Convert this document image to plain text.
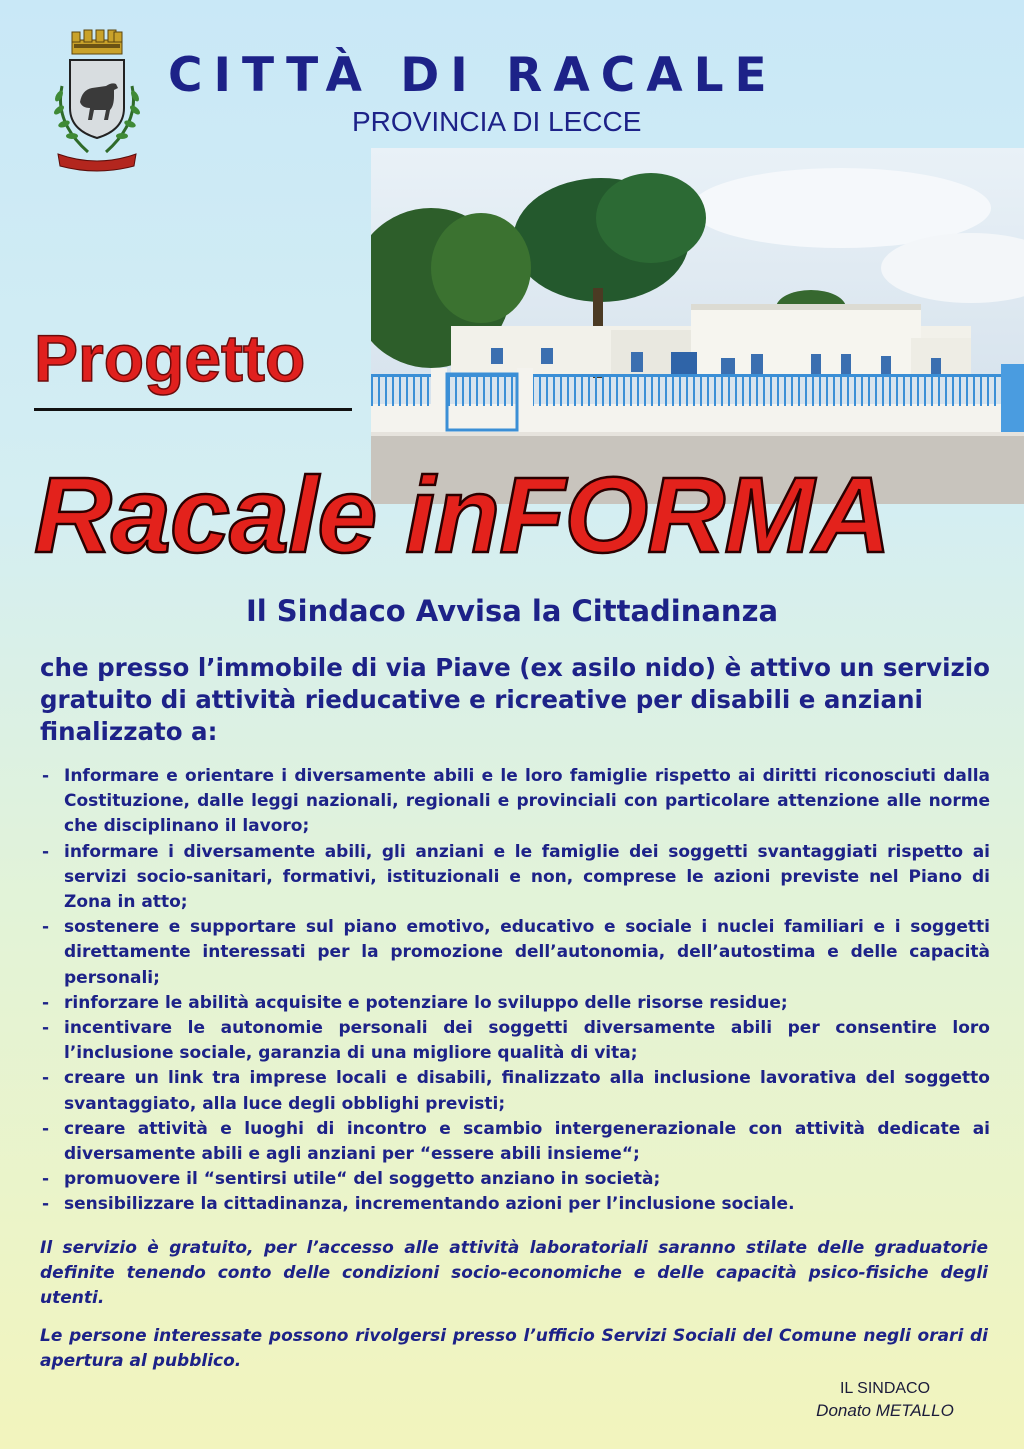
CITTÀ DI RACALE
PROVINCIA DI LECCE
Progetto
Racale inFORMA
Il Sindaco Avvisa la Cittadinanza

che presso l’immobile di via Piave (ex asilo nido) è attivo un servizio gratuito di attività rieducative e ricreative per disabili e anziani finalizzato a:

- Informare e orientare i diversamente abili e le loro famiglie rispetto ai diritti riconosciuti dalla Costituzione, dalle leggi nazionali, regionali e provinciali con particolare attenzione alle norme che disciplinano il lavoro;
- informare i diversamente abili, gli anziani e le famiglie dei soggetti svantaggiati rispetto ai servizi socio-sanitari, formativi, istituzionali e non, comprese le azioni previste nel Piano di Zona in atto;
- sostenere e supportare sul piano emotivo, educativo e sociale i nuclei familiari e i soggetti direttamente interessati per la promozione dell’autonomia, dell’autostima e delle capacità personali;
- rinforzare le abilità acquisite e potenziare lo sviluppo delle risorse residue;
- incentivare le autonomie personali dei soggetti diversamente abili per consentire loro l’inclusione sociale, garanzia di una migliore qualità di vita;
- creare un link tra imprese locali e disabili, finalizzato alla inclusione lavorativa del soggetto svantaggiato, alla luce degli obblighi previsti;
- creare attività e luoghi di incontro e scambio intergenerazionale con attività dedicate ai diversamente abili e agli anziani per “essere abili insieme“;
- promuovere il “sentirsi utile“ del soggetto anziano in società;
- sensibilizzare la cittadinanza, incrementando azioni per l’inclusione sociale.

Il servizio è gratuito, per l’accesso alle attività laboratoriali saranno stilate delle graduatorie definite tenendo conto delle condizioni socio-economiche e delle capacità psico-fisiche degli utenti.

Le persone interessate possono rivolgersi presso l’ufficio Servizi Sociali del Comune negli orari di apertura al pubblico.

IL SINDACO
Donato METALLO
